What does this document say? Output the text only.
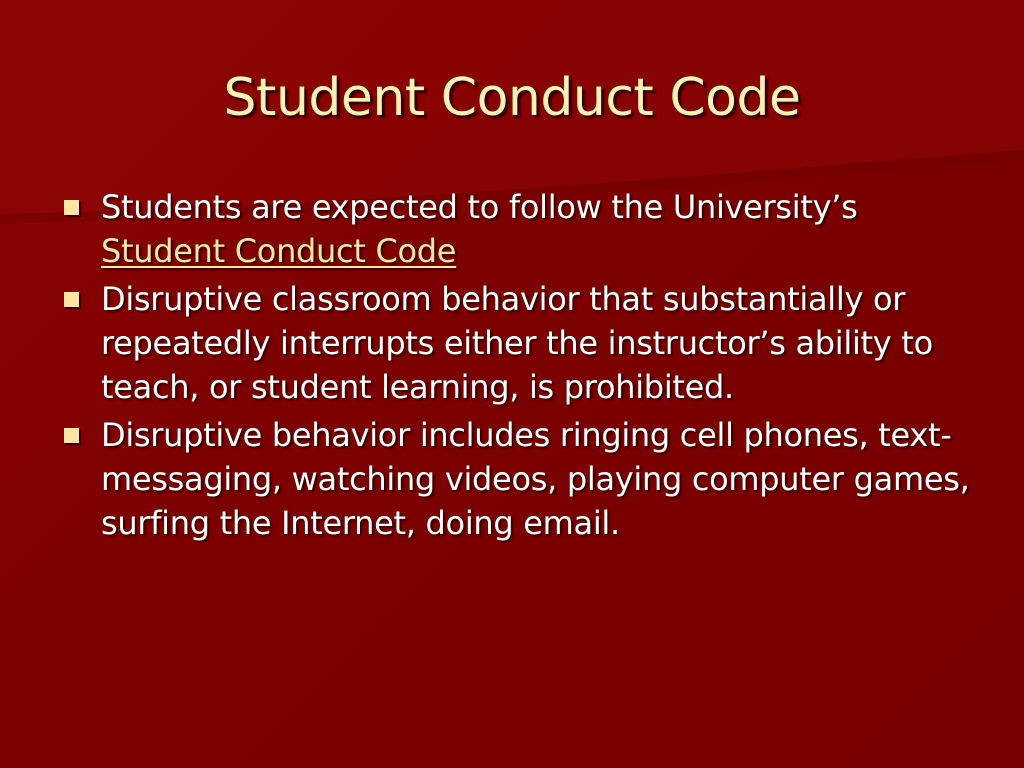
Student Conduct Code
Students are expected to follow the University’s
Student Conduct Code
Disruptive classroom behavior that substantially or repeatedly interrupts either the instructor’s ability to teach, or student learning, is prohibited.
Disruptive behavior includes ringing cell phones, text-messaging, watching videos, playing computer games, surfing the Internet, doing email.
